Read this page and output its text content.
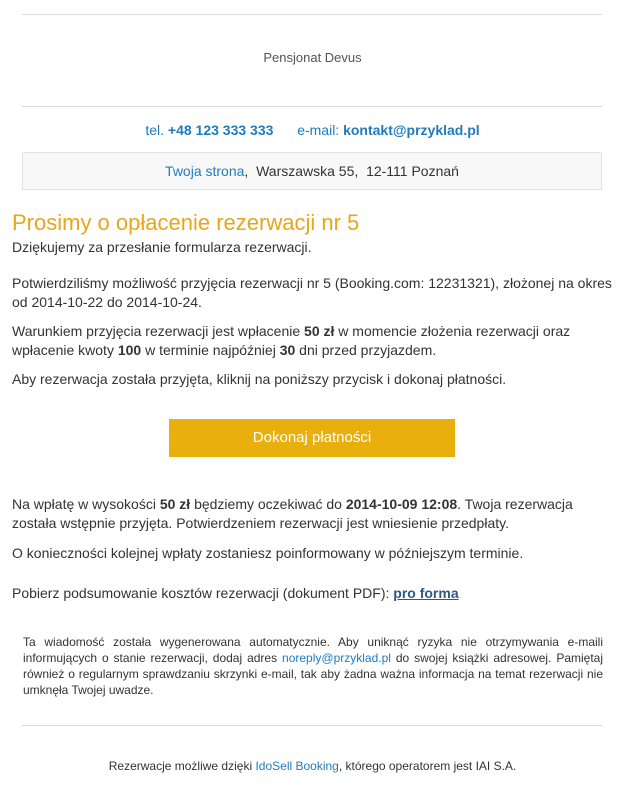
Pensjonat Devus
tel. +48 123 333 333 e-mail: kontakt@przyklad.pl
Twoja strona,  Warszawska 55, 12-111 Poznań
Prosimy o opłacenie rezerwacji nr 5
Dziękujemy za przesłanie formularza rezerwacji.
Potwierdziliśmy możliwość przyjęcia rezerwacji nr 5 (Booking.com: 12231321), złożonej na okres
od 2014-10-22 do 2014-10-24.
Warunkiem przyjęcia rezerwacji jest wpłacenie 50 zł w momencie złożenia rezerwacji oraz
wpłacenie kwoty 100 w terminie najpóźniej 30 dni przed przyjazdem.
Aby rezerwacja została przyjęta, kliknij na poniższy przycisk i dokonaj płatności.
Dokonaj płatności
Na wpłatę w wysokości 50 zł będziemy oczekiwać do 2014-10-09 12:08. Twoja rezerwacja
została wstępnie przyjęta. Potwierdzeniem rezerwacji jest wniesienie przedpłaty.
O konieczności kolejnej wpłaty zostaniesz poinformowany w późniejszym terminie.
Pobierz podsumowanie kosztów rezerwacji (dokument PDF): pro forma
Ta wiadomość została wygenerowana automatycznie. Aby uniknąć ryzyka nie otrzymywania e-maili informujących o stanie rezerwacji, dodaj adres noreply@przyklad.pl do swojej książki adresowej. Pamiętaj również o regularnym sprawdzaniu skrzynki e-mail, tak aby żadna ważna informacja na temat rezerwacji nie umknęła Twojej uwadze.
Rezerwacje możliwe dzięki IdoSell Booking, którego operatorem jest IAI S.A.
